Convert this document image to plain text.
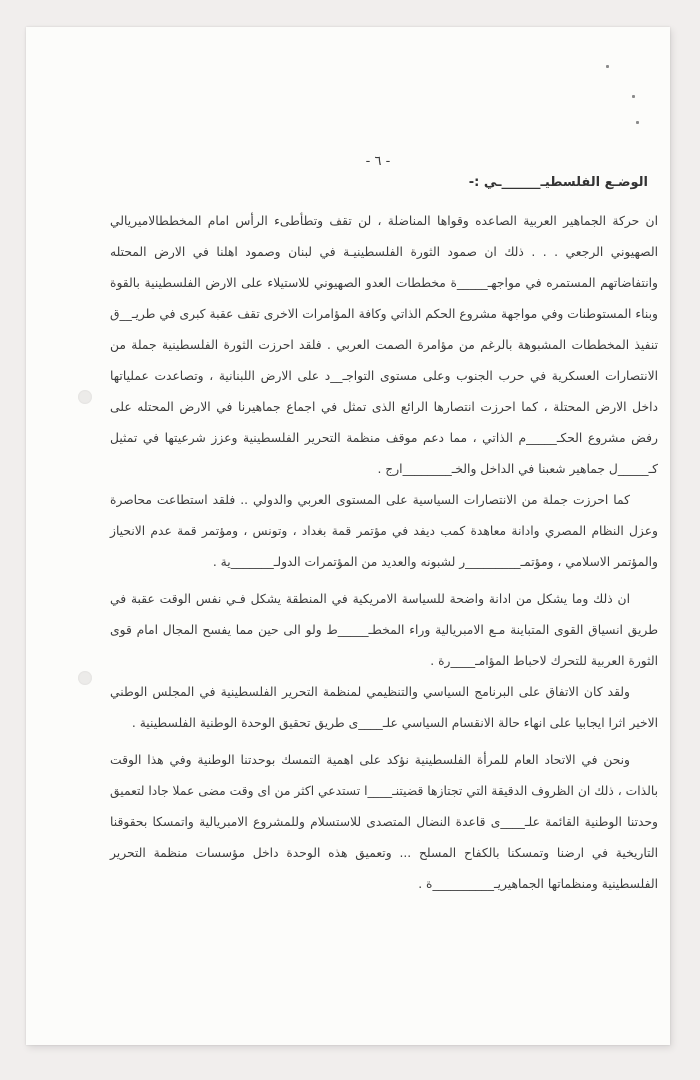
- ٦ -
الوضـع الفلسطيـ______ـي :-

ان حركة الجماهير العربية الصاعده وقواها المناضلة ، لن تقف وتطأطىء الرأس امام المخططالاميريالي الصهيوني الرجعي . . . ذلك ان صمود الثورة الفلسطينيـة في لبنان وصمود اهلنا في الارض المحتله وانتفاضاتهم المستمره في مواجهـ_____ة مخططات العدو الصهيوني للاستيلاء على الارض الفلسطينية بالقوة وبناء المستوطنات وفي مواجهة مشروع الحكم الذاتي وكافة المؤامرات الاخرى تقف عقبة كبرى في طريـ__ق تنفيذ المخططات المشبوهة بالرغم من مؤامرة الصمت العربي . فلقد احرزت الثورة الفلسطينية جملة من الانتصارات العسكرية في حرب الجنوب وعلى مستوى التواجـ__د على الارض اللبنانية ، وتصاعدت عملياتها داخل الارض المحتلة ، كما احرزت انتصارها الرائع الذى تمثل في اجماع جماهيرنا في الارض المحتله على رفض مشروع الحكـ_____م الذاتي ، مما دعم موقف منظمة التحرير الفلسطينية وعزز شرعيتها في تمثيل كـ_____ل جماهير شعبنا في الداخل والخـ________ارج .

كما احرزت جملة من الانتصارات السياسية على المستوى العربي والدولي .. فلقد استطاعت محاصرة وعزل النظام المصري وادانة معاهدة كمب ديفد في مؤتمر قمة بغداد ، وتونس ، ومؤتمر قمة عدم الانحياز والمؤتمر الاسلامي ، ومؤتمـ_________ر لشبونه والعديد من المؤتمرات الدولـ_______ية .

ان ذلك وما يشكل من ادانة واضحة للسياسة الامريكية في المنطقة يشكل فـي نفس الوقت عقبة في طريق انسياق القوى المتباينة مـع الامبريالية وراء المخطـ_____ط ولو الى حين مما يفسح المجال امام قوى الثورة العربية للتحرك لاحباط المؤامـ____رة .

ولقد كان الاتفاق على البرنامج السياسي والتنظيمي لمنظمة التحرير الفلسطينية في المجلس الوطني الاخير اثرا ايجابيا على انهاء حالة الانقسام السياسي علـ____ى طريق تحقيق الوحدة الوطنية الفلسطينية .

ونحن في الاتحاد العام للمرأة الفلسطينية نؤكد على اهمية التمسك بوحدتنا الوطنية وفي هذا الوقت بالذات ، ذلك ان الظروف الدقيقة التي تجتازها قضيتنـ____ا تستدعي اكثر من اى وقت مضى عملا جادا لتعميق وحدتنا الوطنية القائمة علـ____ى قاعدة النضال المتصدى للاستسلام وللمشروع الامبريالية واتمسكا بحقوقنا التاريخية في ارضنا وتمسكنا بالكفاح المسلح ... وتعميق هذه الوحدة داخل مؤسسات منظمة التحرير الفلسطينية ومنظماتها الجماهيريـ__________ة .
